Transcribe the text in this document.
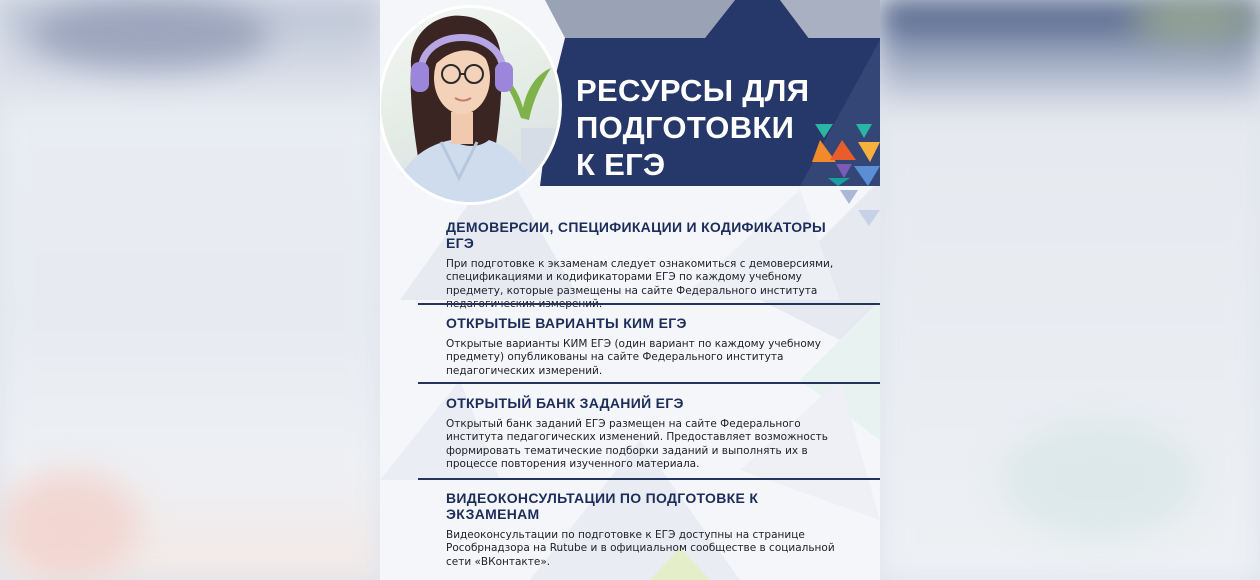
РЕСУРСЫ ДЛЯ
ПОДГОТОВКИ
К ЕГЭ
ДЕМОВЕРСИИ, СПЕЦИФИКАЦИИ И КОДИФИКАТОРЫ ЕГЭ

При подготовке к экзаменам следует ознакомиться с демоверсиями,
спецификациями и кодификаторами ЕГЭ по каждому учебному
предмету, которые размещены на сайте Федерального института

ОТКРЫТЫЕ ВАРИАНТЫ КИМ ЕГЭ

Открытые варианты КИМ ЕГЭ (один вариант по каждому учебному
предмету) опубликованы на сайте Федерального института
педагогических измерений.

ОТКРЫТЫЙ БАНК ЗАДАНИЙ ЕГЭ

Открытый банк заданий ЕГЭ размещен на сайте Федерального
института педагогических изменений. Предоставляет возможность
формировать тематические подборки заданий и выполнять их в
процессе повторения изученного материала.

ВИДЕОКОНСУЛЬТАЦИИ ПО ПОДГОТОВКЕ К ЭКЗАМЕНАМ

Видеоконсультации по подготовке к ЕГЭ доступны на странице
Рособрнадзора на Rutube и в официальном сообществе в социальной
сети «ВКонтакте».
